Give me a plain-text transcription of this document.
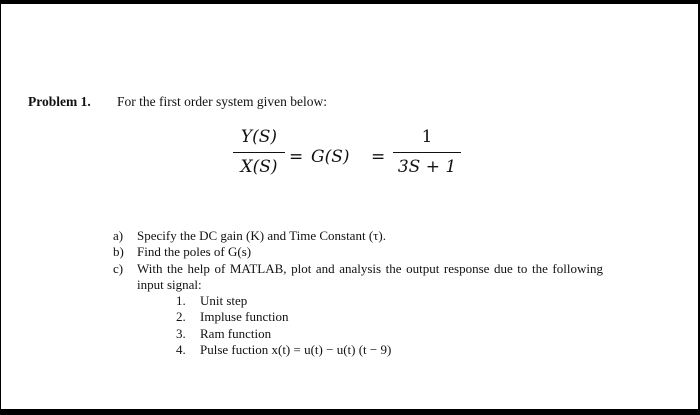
Problem 1. For the first order system given below:
Y(S)
X(S) = G(S) =
1
3S + 1
a) Specify the DC gain (K) and Time Constant (τ).
b) Find the poles of G(s)
c) With the help of MATLAB, plot and analysis the output response due to the following input signal:
1. Unit step
2. Impluse function
3. Ram function
4. Pulse fuction x(t) = u(t) − u(t) (t − 9)
